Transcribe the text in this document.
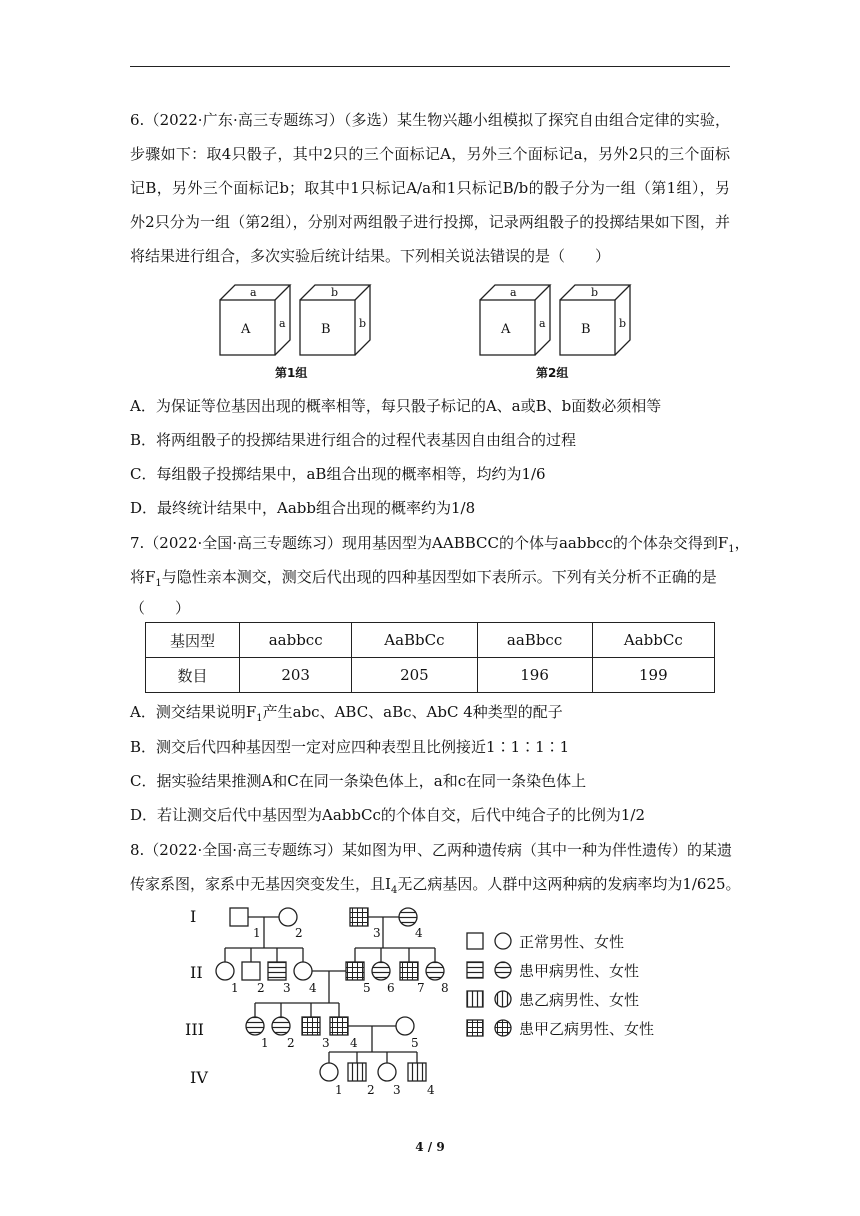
6.（2022·广东·高三专题练习）（多选）某生物兴趣小组模拟了探究自由组合定律的实验，步骤如下：取4只骰子，其中2只的三个面标记A，另外三个面标记a，另外2只的三个面标记B，另外三个面标记b；取其中1只标记A/a和1只标记B/b的骰子分为一组（第1组），另外2只分为一组（第2组），分别对两组骰子进行投掷，记录两组骰子的投掷结果如下图，并将结果进行组合，多次实验后统计结果。下列相关说法错误的是（　　）
A
a
a	B
b
b	A
a
a	B
b
b
第1组	第2组
A．为保证等位基因出现的概率相等，每只骰子标记的A、a或B、b面数必须相等
B．将两组骰子的投掷结果进行组合的过程代表基因自由组合的过程
C．每组骰子投掷结果中，aB组合出现的概率相等，均约为1/6
D．最终统计结果中，Aabb组合出现的概率约为1/8
7.（2022·全国·高三专题练习）现用基因型为AABBCC的个体与aabbcc的个体杂交得到$F_1$，
将$F_1$与隐性亲本测交，测交后代出现的四种基因型如下表所示。下列有关分析不正确的是
（　　）
基因型	aabbcc	AaBbCc	aaBbcc	AabbCc
数目	203	205	196	199
A．测交结果说明$F_1$产生abc、ABC、aBc、AbC 4种类型的配子
B．测交后代四种基因型一定对应四种表型且比例接近1∶1∶1∶1
C．据实验结果推测A和C在同一条染色体上，a和c在同一条染色体上
D．若让测交后代中基因型为AabbCc的个体自交，后代中纯合子的比例为1/2
8.（2022·全国·高三专题练习）某如图为甲、乙两种遗传病（其中一种为伴性遗传）的某遗
传家系图，家系中无基因突变发生，且$Ⅰ_4$无乙病基因。人群中这两种病的发病率均为1/625。
I
II
III
IV
1	2	3	4
1 2 3 4	5 6 7 8
1 2 3 4	5
1 2 3 4
正常男性、女性
患甲病男性、女性
患乙病男性、女性
患甲乙病男性、女性
4 / 9
